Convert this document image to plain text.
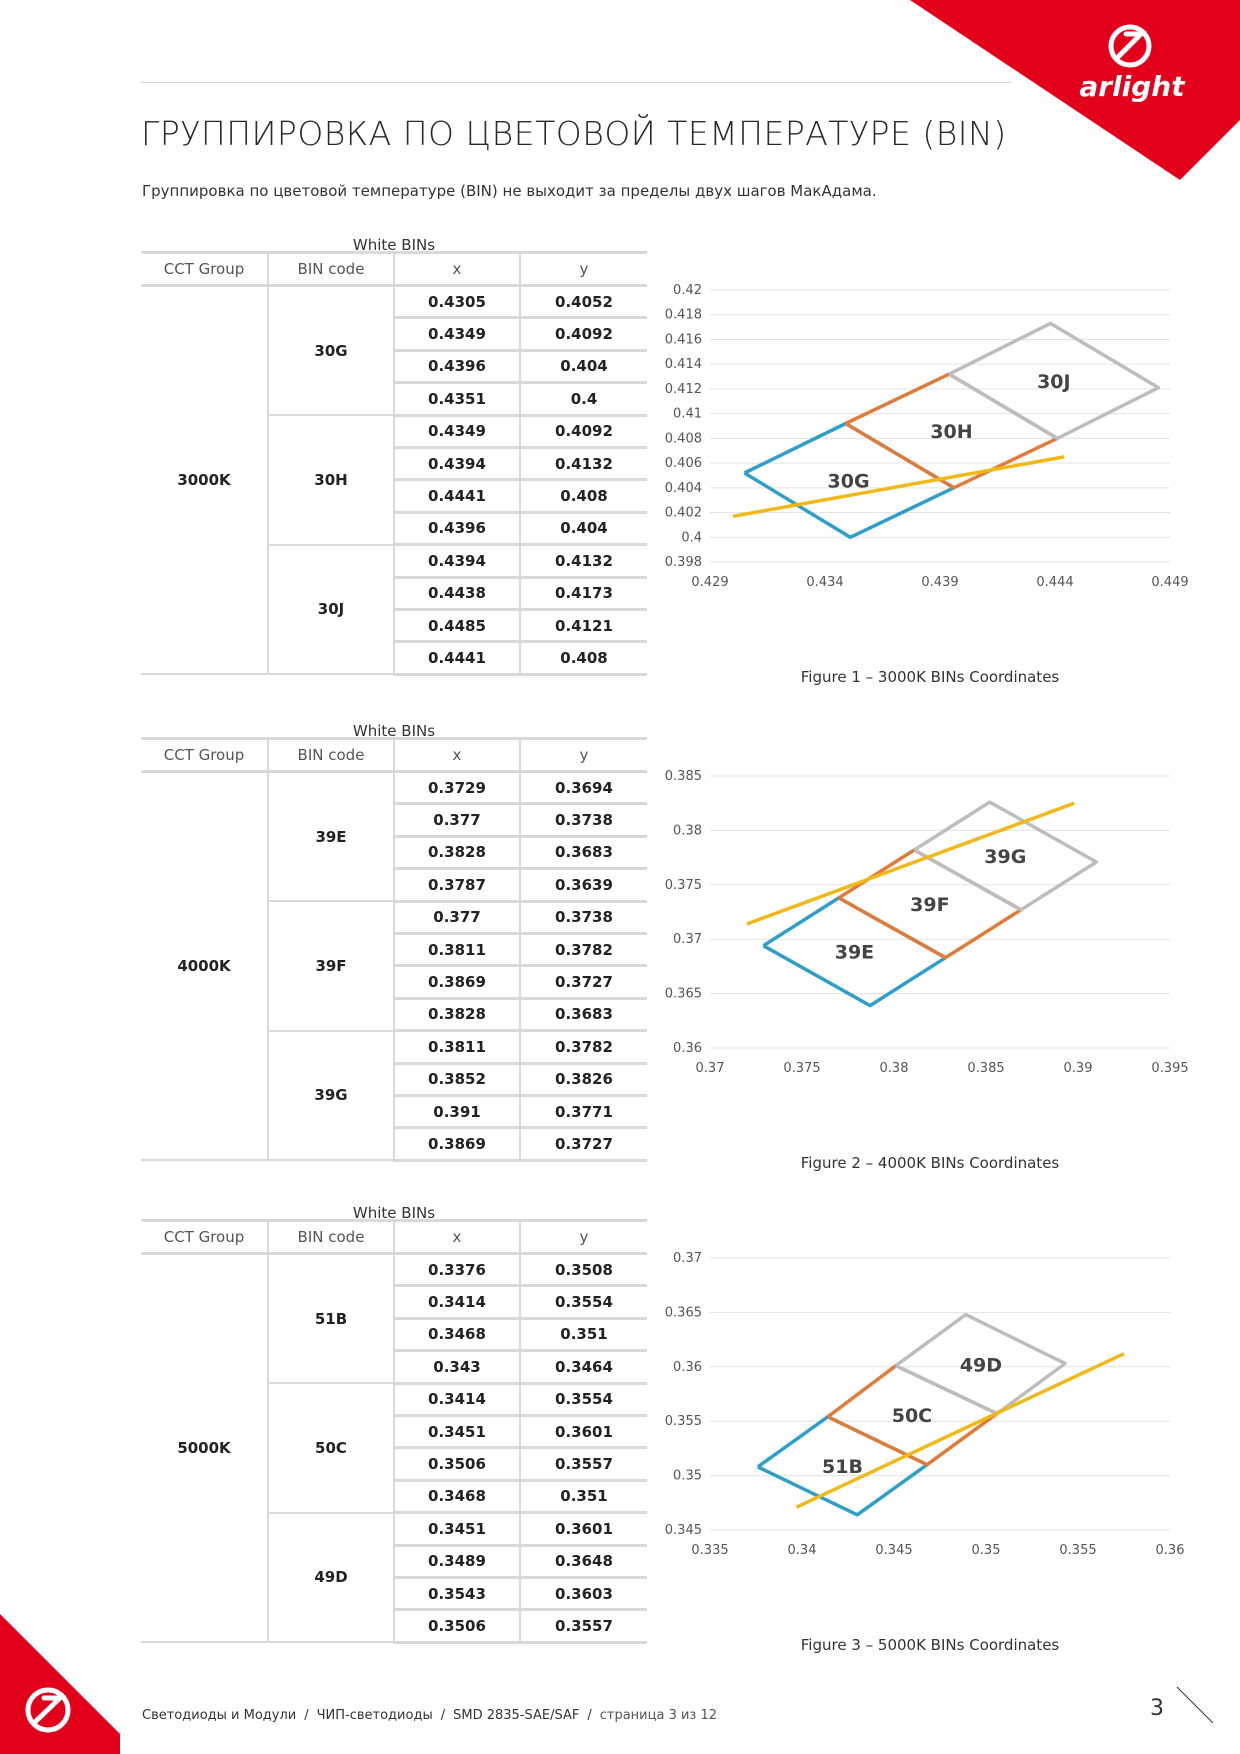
arlight
ГРУППИРОВКА ПО ЦВЕТОВОЙ ТЕМПЕРАТУРЕ (BIN)

Группировка по цветовой температуре (BIN) не выходит за пределы двух шагов МакАдама.

White BINs
CCT Group	BIN code	x	y
3000K	30G	0.4305	0.4052
		0.4349	0.4092
		0.4396	0.404
		0.4351	0.4
	30H	0.4349	0.4092
		0.4394	0.4132
		0.4441	0.408
		0.4396	0.404
	30J	0.4394	0.4132
		0.4438	0.4173
		0.4485	0.4121
		0.4441	0.408
0.42
0.418
0.416
0.414
0.412
0.41
0.408
0.406
0.404
0.402
0.4
0.398
0.429	0.434	0.439	0.444	0.449
30G
30H
30J
Figure 1 – 3000K BINs Coordinates
White BINs
CCT Group	BIN code	x	y
4000K	39E	0.3729	0.3694
		0.377	0.3738
		0.3828	0.3683
		0.3787	0.3639
	39F	0.377	0.3738
		0.3811	0.3782
		0.3869	0.3727
		0.3828	0.3683
	39G	0.3811	0.3782
		0.3852	0.3826
		0.391	0.3771
		0.3869	0.3727
0.385
0.38
0.375
0.37
0.365
0.36
0.37	0.375	0.38	0.385	0.39	0.395
39E
39F
39G
Figure 2 – 4000K BINs Coordinates
White BINs
CCT Group	BIN code	x	y
5000K	51B	0.3376	0.3508
		0.3414	0.3554
		0.3468	0.351
		0.343	0.3464
	50C	0.3414	0.3554
		0.3451	0.3601
		0.3506	0.3557
		0.3468	0.351
	49D	0.3451	0.3601
		0.3489	0.3648
		0.3543	0.3603
		0.3506	0.3557
0.37
0.365
0.36
0.355
0.35
0.345
0.335	0.34	0.345	0.35	0.355	0.36
51B
50C
49D
Figure 3 – 5000K BINs Coordinates
Светодиоды и Модули / ЧИП-светодиоды / SMD 2835-SAE/SAF / страница 3 из 12	3
